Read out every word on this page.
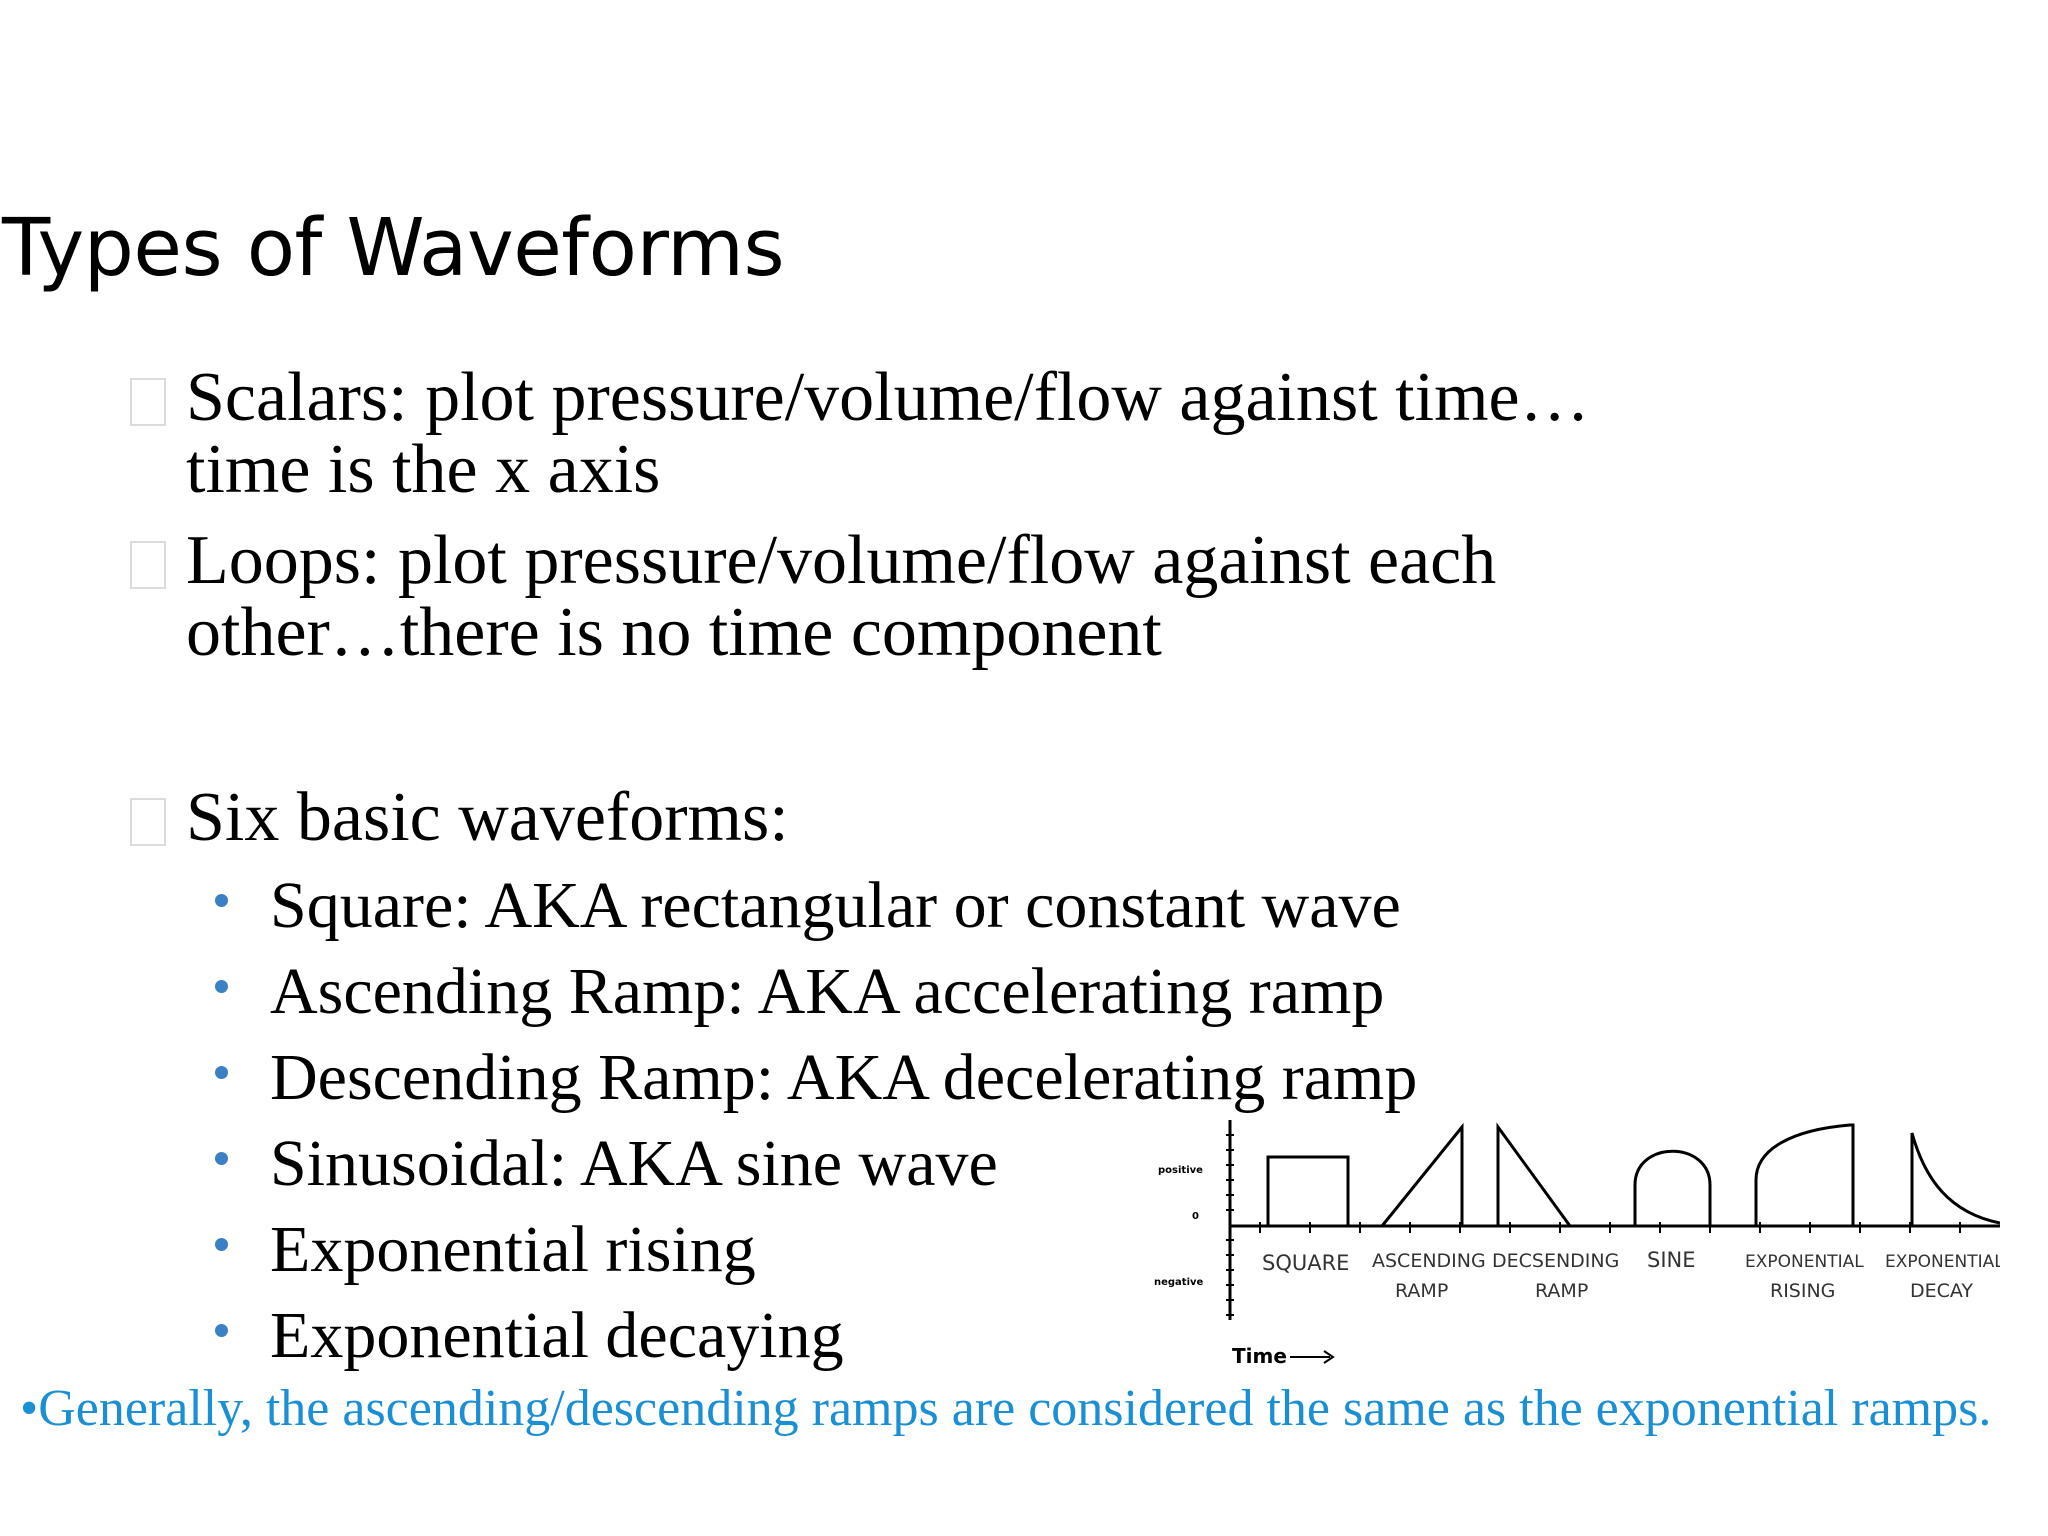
Types of Waveforms
Scalars: plot pressure/volume/flow against time…
time is the x axis
Loops: plot pressure/volume/flow against each
other…there is no time component
Six basic waveforms:
Square: AKA rectangular or constant wave
Ascending Ramp: AKA accelerating ramp
Descending Ramp: AKA decelerating ramp
Sinusoidal: AKA sine wave
Exponential rising
Exponential decaying
positive
0
negative
SQUARE ASCENDING
RAMP
DECSENDING
RAMP
SINE	EXPONENTIAL
RISING
EXPONENTIAL
DECAY
Time
•Generally, the ascending/descending ramps are considered the same as the exponential ramps.
